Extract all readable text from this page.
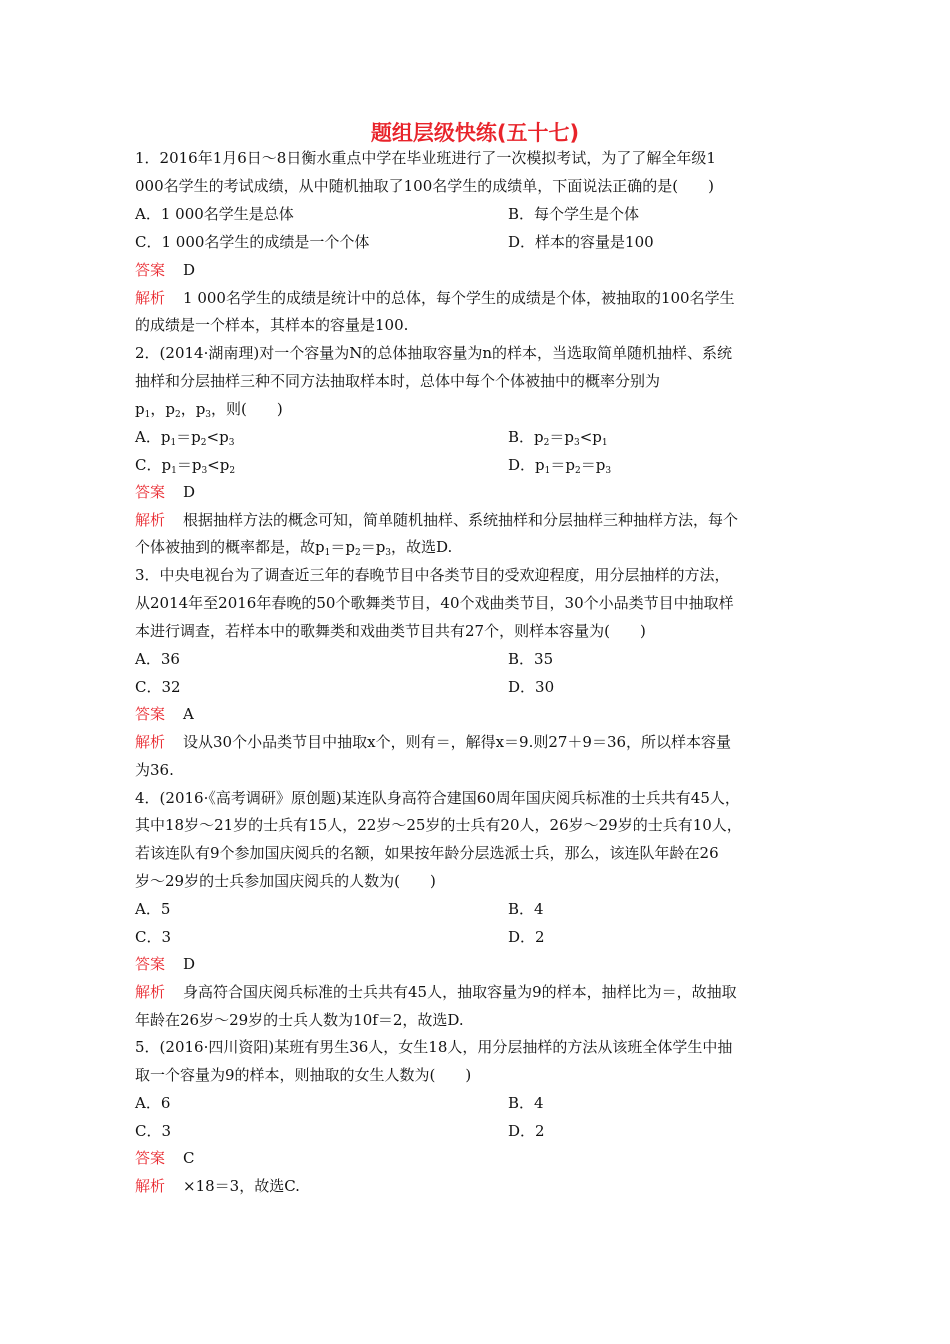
题组层级快练(五十七)
1．2016年1月6日～8日衡水重点中学在毕业班进行了一次模拟考试，为了了解全年级1
000名学生的考试成绩，从中随机抽取了100名学生的成绩单，下面说法正确的是(　　)
A．1 000名学生是总体	B．每个学生是个体
C．1 000名学生的成绩是一个个体	D．样本的容量是100
答案 D
解析 1 000名学生的成绩是统计中的总体，每个学生的成绩是个体，被抽取的100名学生
的成绩是一个样本，其样本的容量是100.
2．(2014·湖南理)对一个容量为N的总体抽取容量为n的样本，当选取简单随机抽样、系统
抽样和分层抽样三种不同方法抽取样本时，总体中每个个体被抽中的概率分别为
$p_1$，$p_2$，$p_3$，则(　　)
A．$p_1=p_2<p_3$	B．$p_2=p_3<p_1$
C．$p_1=p_3<p_2$	D．$p_1=p_2=p_3$
答案 D
解析 根据抽样方法的概念可知，简单随机抽样、系统抽样和分层抽样三种抽样方法，每个
个体被抽到的概率都是，故$p_1=p_2=p_3$，故选D.
3．中央电视台为了调查近三年的春晚节目中各类节目的受欢迎程度，用分层抽样的方法，
从2014年至2016年春晚的50个歌舞类节目，40个戏曲类节目，30个小品类节目中抽取样
本进行调查，若样本中的歌舞类和戏曲类节目共有27个，则样本容量为(　　)
A．36	B．35
C．32	D．30
答案 A
解析 设从30个小品类节目中抽取x个，则有＝，解得x＝9.则27＋9＝36，所以样本容量
为36.
4．(2016·《高考调研》原创题)某连队身高符合建国60周年国庆阅兵标准的士兵共有45人，
其中18岁～21岁的士兵有15人，22岁～25岁的士兵有20人，26岁～29岁的士兵有10人，
若该连队有9个参加国庆阅兵的名额，如果按年龄分层选派士兵，那么，该连队年龄在26
岁～29岁的士兵参加国庆阅兵的人数为(　　)
A．5	B．4
C．3	D．2
答案 D
解析 身高符合国庆阅兵标准的士兵共有45人，抽取容量为9的样本，抽样比为＝，故抽取
年龄在26岁～29岁的士兵人数为10f＝2，故选D.
5．(2016·四川资阳)某班有男生36人，女生18人，用分层抽样的方法从该班全体学生中抽
取一个容量为9的样本，则抽取的女生人数为(　　)
A．6	B．4
C．3	D．2
答案 C
解析 ×18＝3，故选C.
